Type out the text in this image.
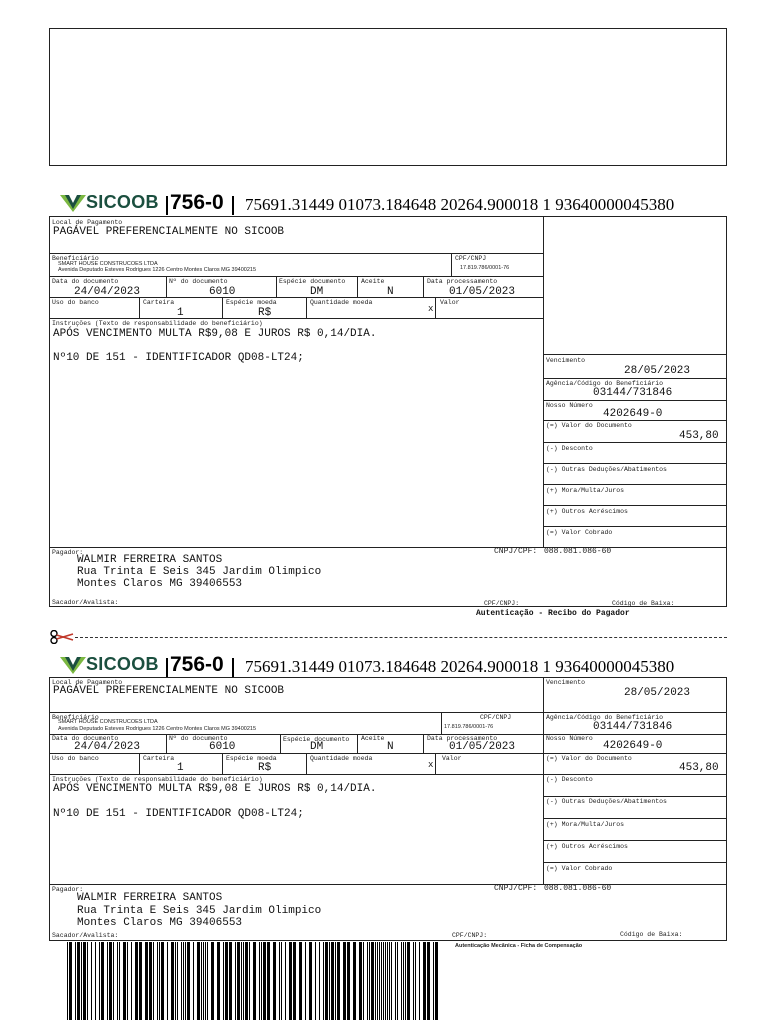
SICOOB 756-0 75691.31449 01073.184648 20264.900018 1 93640000045380
Local de Pagamento
PAGÁVEL PREFERENCIALMENTE NO SICOOB
Beneficiário
SMART HOUSE CONSTRUCOES LTDA
Avenida Deputado Esteves Rodrigues 1226 Centro Montes Claros MG 39400215
CPF/CNPJ
17.819.786/0001-76
Data do documento
24/04/2023
Nº do documento
6010
Espécie documento
DM
Aceite
N
Data processamento
01/05/2023
Uso do banco	Carteira
1
Espécie moeda
R$
Quantidade moeda	Valor
x
Instruções (Texto de responsabilidade do beneficiário)
APÓS VENCIMENTO MULTA R$9,08 E JUROS R$ 0,14/DIA.
Nº10 DE 151 - IDENTIFICADOR QD08-LT24;	Vencimento
28/05/2023
Agência/Código do Beneficiário
03144/731846
Nosso Número
4202649-0
(=) Valor do Documento
453,80
(-) Desconto
(-) Outras Deduções/Abatimentos
(+) Mora/Multa/Juros
(+) Outros Acréscimos
(=) Valor Cobrado
Pagador:
WALMIR FERREIRA SANTOS
Rua Trinta E Seis 345 Jardim Olimpico
Montes Claros MG 39406553
CNPJ/CPF: 088.081.086-60
Sacador/Avalista:	CPF/CNPJ:	Código de Baixa:
Autenticação - Recibo do Pagador
SICOOB 756-0 75691.31449 01073.184648 20264.900018 1 93640000045380
Local de Pagamento
PAGÁVEL PREFERENCIALMENTE NO SICOOB
Beneficiário
SMART HOUSE CONSTRUCOES LTDA
Avenida Deputado Esteves Rodrigues 1226 Centro Montes Claros MG 39400215
CPF/CNPJ
17.819.786/0001-76
Data do documento
24/04/2023
Nº do documento
6010
Espécie documento
DM
Aceite
N
Data processamento
01/05/2023
Uso do banco	Carteira
1
Espécie moeda
R$
Quantidade moeda	Valor
x
Instruções (Texto de responsabilidade do beneficiário)
APÓS VENCIMENTO MULTA R$9,08 E JUROS R$ 0,14/DIA.
Nº10 DE 151 - IDENTIFICADOR QD08-LT24;
Vencimento
28/05/2023
Agência/Código do Beneficiário
03144/731846
Nosso Número
4202649-0
(=) Valor do Documento
453,80
(-) Desconto
(-) Outras Deduções/Abatimentos
(+) Mora/Multa/Juros
(+) Outros Acréscimos
(=) Valor Cobrado
Pagador:
WALMIR FERREIRA SANTOS
Rua Trinta E Seis 345 Jardim Olimpico
Montes Claros MG 39406553
CNPJ/CPF: 088.081.086-60
Sacador/Avalista:	CPF/CNPJ:	Código de Baixa:
Autenticação Mecânica - Ficha de Compensação
